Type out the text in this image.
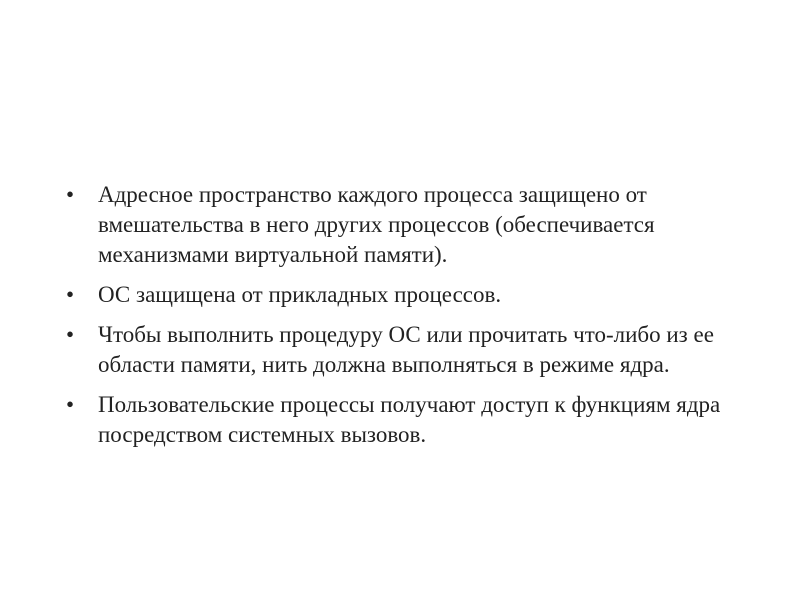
• Адресное пространство каждого процесса защищено от вмешательства в него других процессов (обеспечивается механизмами виртуальной памяти).
• ОС защищена от прикладных процессов.
• Чтобы выполнить процедуру ОС или прочитать что-либо из ее области памяти, нить должна выполняться в режиме ядра.
• Пользовательские процессы получают доступ к функциям ядра посредством системных вызовов.
